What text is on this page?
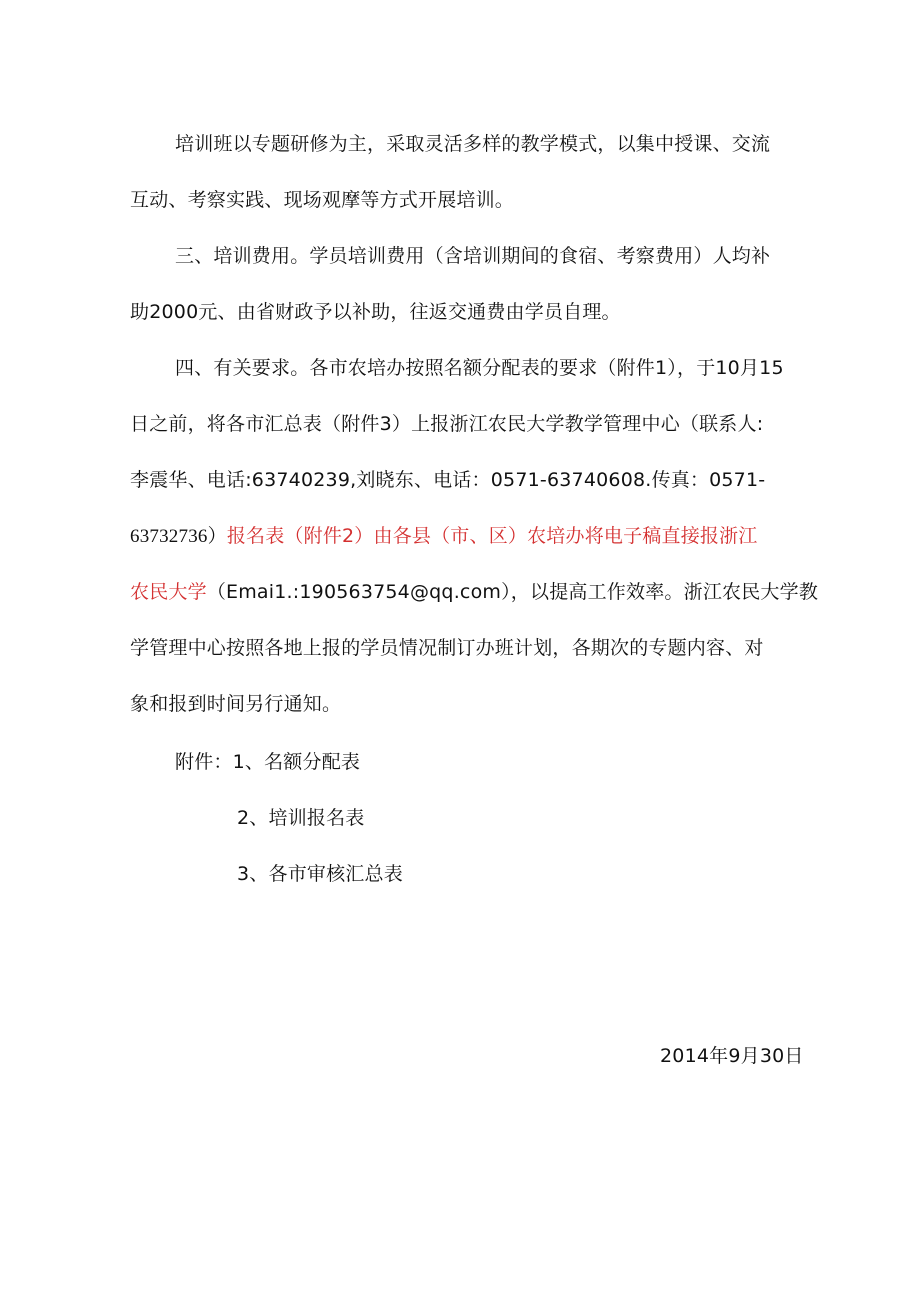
培训班以专题研修为主，采取灵活多样的教学模式，以集中授课、交流
互动、考察实践、现场观摩等方式开展培训。
三、培训费用。学员培训费用（含培训期间的食宿、考察费用）人均补
助2000元、由省财政予以补助，往返交通费由学员自理。
四、有关要求。各市农培办按照名额分配表的要求（附件1），于10月15
日之前，将各市汇总表（附件3）上报浙江农民大学教学管理中心（联系人:
李震华、电话:63740239,刘晓东、电话：0571-63740608.传真：0571-
63732736）报名表（附件2）由各县（市、区）农培办将电子稿直接报浙江
农民大学（Emai1.:190563754@qq.com），以提高工作效率。浙江农民大学教
学管理中心按照各地上报的学员情况制订办班计划，各期次的专题内容、对
象和报到时间另行通知。
附件：1、名额分配表
2、培训报名表
3、各市审核汇总表
2014年9月30日
